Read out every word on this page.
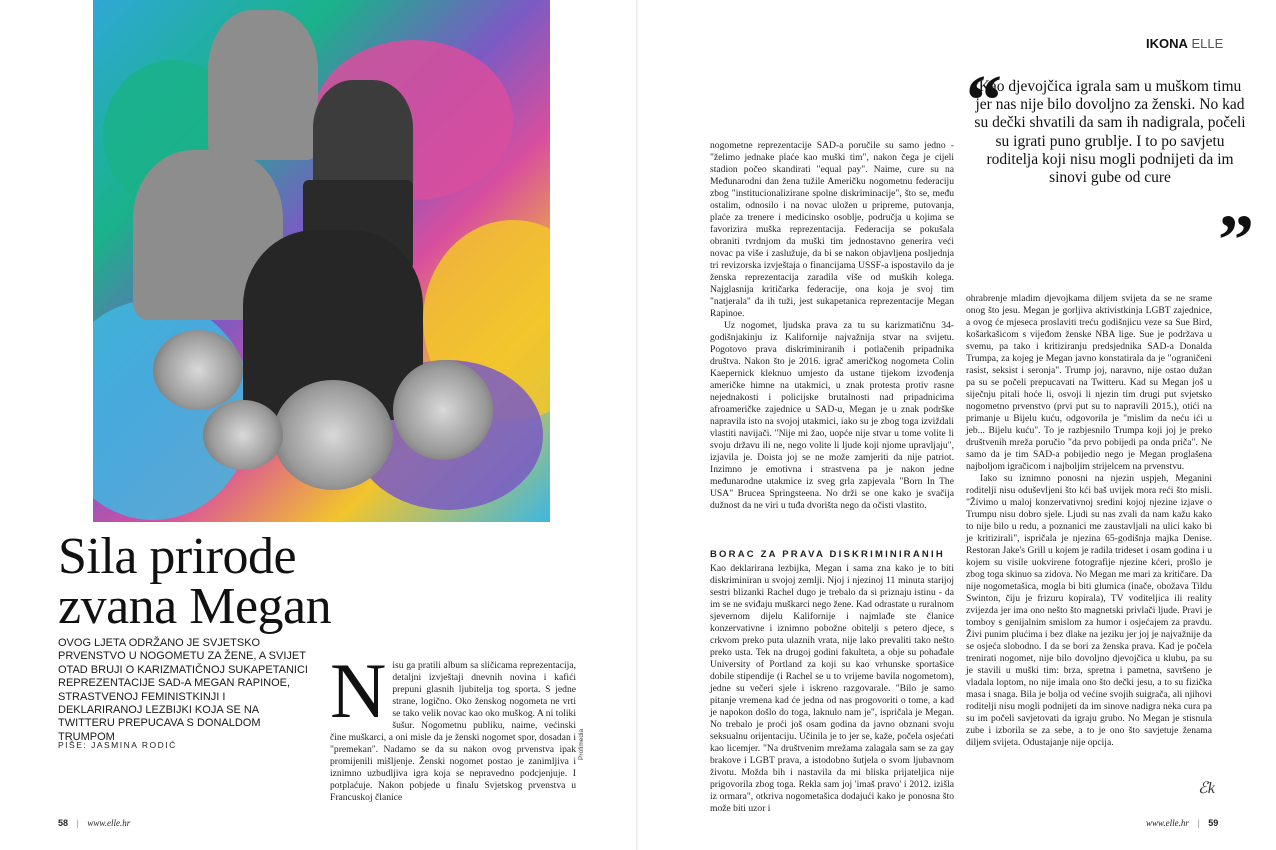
Sila prirode
zvana Megan

OVOG LJETA ODRŽANO JE SVJETSKO PRVENSTVO U NOGOMETU ZA ŽENE, A SVIJET OTAD BRUJI O KARIZMATIČNOJ SUKAPETANICI REPREZENTACIJE SAD-A MEGAN RAPINOE, STRASTVENOJ FEMINISTKINJI I DEKLARIRANOJ LEZBIJKI KOJA SE NA TWITTERU PREPUCAVA S DONALDOM TRUMPOM

PIŠE: JASMINA RODIĆ

N isu ga pratili album sa sličicama reprezentacija, detaljni izvještaji dnevnih novina i kafići prepuni glasnih ljubitelja tog sporta. S jedne strane, logično. Oko ženskog nogometa ne vrti se tako velik novac kao oko muškog. A ni toliki šušur. Nogometnu publiku, naime, većinski čine muškarci, a oni misle da je ženski nogomet spor, dosadan i "premekan". Nadamo se da su nakon ovog prvenstva ipak promijenili mišljenje. Ženski nogomet postao je zanimljiva i iznimno uzbudljiva igra koja se nepravedno podcjenjuje. I potplaćuje. Nakon pobjede u finalu Svjetskog prvenstva u Francuskoj članice
Profimedia
58 | www.elle.hr
IKONA ELLE
“

Kao djevojčica igrala sam u muškom timu jer nas nije bilo dovoljno za ženski. No kad su dečki shvatili da sam ih nadigrala, počeli su igrati puno grublje. I to po savjetu roditelja koji nisu mogli podnijeti da im sinovi gube od cure

”

nogometne reprezentacije SAD-a poručile su samo jedno - "želimo jednake plaće kao muški tim", nakon čega je cijeli stadion počeo skandirati "equal pay". Naime, cure su na Međunarodni dan žena tužile Američku nogometnu federaciju zbog "institucionalizirane spolne diskriminacije", što se, među ostalim, odnosilo i na novac uložen u pripreme, putovanja, plaće za trenere i medicinsko osoblje, područja u kojima se favorizira muška reprezentacija. Federacija se pokušala obraniti tvrdnjom da muški tim jednostavno generira veći novac pa više i zaslužuje, da bi se nakon objavljena posljednja tri revizorska izvještaja o financijama USSF-a ispostavilo da je ženska reprezentacija zaradila više od muških kolega. Najglasnija kritičarka federacije, ona koja je svoj tim "natjerala" da ih tuži, jest sukapetanica reprezentacije Megan Rapinoe.

Uz nogomet, ljudska prava za tu su karizmatičnu 34-godišnjakinju iz Kalifornije najvažnija stvar na svijetu. Pogotovo prava diskriminiranih i potlačenih pripadnika društva. Nakon što je 2016. igrač američkog nogometa Colin Kaepernick kleknuo umjesto da ustane tijekom izvođenja američke himne na utakmici, u znak protesta protiv rasne nejednakosti i policijske brutalnosti nad pripadnicima afroameričke zajednice u SAD-u, Megan je u znak podrške napravila isto na svojoj utakmici, iako su je zbog toga izviždali vlastiti navijači. "Nije mi žao, uopće nije stvar u tome volite li svoju državu ili ne, nego volite li ljude koji njome upravljaju", izjavila je. Doista joj se ne može zamjeriti da nije patriot. Inzimno je emotivna i strastvena pa je nakon jedne međunarodne utakmice iz sveg grla zapjevala "Born In The USA" Brucea Springsteena. No drži se one kako je svačija dužnost da ne viri u tuđa dvorišta nego da očisti vlastito.

BORAC ZA PRAVA DISKRIMINIRANIH

Kao deklarirana lezbijka, Megan i sama zna kako je to biti diskriminiran u svojoj zemlji. Njoj i njezinoj 11 minuta starijoj sestri blizanki Rachel dugo je trebalo da si priznaju istinu - da im se ne sviđaju muškarci nego žene. Kad odrastate u ruralnom sjevernom dijelu Kalifornije i najmlađe ste članice konzervativne i iznimno pobožne obitelji s petero djece, s crkvom preko puta ulaznih vrata, nije lako prevaliti tako nešto preko usta. Tek na drugoj godini fakulteta, a obje su pohađale University of Portland za koji su kao vrhunske sportašice dobile stipendije (i Rachel se u to vrijeme bavila nogometom), jedne su večeri sjele i iskreno razgovarale. "Bilo je samo pitanje vremena kad će jedna od nas progovoriti o tome, a kad je napokon došlo do toga, laknulo nam je", ispričala je Megan. No trebalo je proći još osam godina da javno obznani svoju seksualnu orijentaciju. Učinila je to jer se, kaže, počela osjećati kao licemjer. "Na društvenim mrežama zalagala sam se za gay brakove i LGBT prava, a istodobno šutjela o svom ljubavnom životu. Možda bih i nastavila da mi bliska prijateljica nije prigovorila zbog toga. Rekla sam joj 'imaš pravo' i 2012. izišla iz ormara", otkriva nogometašica dodajući kako je ponosna što može biti uzor i

ohrabrenje mladim djevojkama diljem svijeta da se ne srame onog što jesu. Megan je gorljiva aktivistkinja LGBT zajednice, a ovog će mjeseca proslaviti treću godišnjicu veze sa Sue Bird, košarkašicom s vijeđom ženske NBA lige. Sue je podržava u svemu, pa tako i kritiziranju predsjednika SAD-a Donalda Trumpa, za kojeg je Megan javno konstatirala da je "ograničeni rasist, seksist i seronja". Trump joj, naravno, nije ostao dužan pa su se počeli prepucavati na Twitteru. Kad su Megan još u siječnju pitali hoće li, osvoji li njezin tim drugi put svjetsko nogometno prvenstvo (prvi put su to napravili 2015.), otići na primanje u Bijelu kuću, odgovorila je "mislim da neću ići u jeb... Bijelu kuću". To je razbjesnilo Trumpa koji joj je preko društvenih mreža poručio "da prvo pobijedi pa onda priča". Ne samo da je tim SAD-a pobijedio nego je Megan proglašena najboljom igračicom i najboljim strijelcem na prvenstvu.

Iako su iznimno ponosni na njezin uspjeh, Meganini roditelji nisu oduševljeni što kći baš uvijek mora reći što misli. "Živimo u maloj konzervativnoj sredini kojoj njezine izjave o Trumpu nisu dobro sjele. Ljudi su nas zvali da nam kažu kako to nije bilo u redu, a poznanici me zaustavljali na ulici kako bi je kritizirali", ispričala je njezina 65-godišnja majka Denise. Restoran Jake's Grill u kojem je radila trideset i osam godina i u kojem su visile uokvirene fotografije njezine kćeri, prošlo je zbog toga skinuo sa zidova. No Megan me mari za kritičare. Da nije nogometašica, mogla bi biti glumica (inače, obožava Tildu Swinton, čiju je frizuru kopirala), TV voditeljica ili reality zvijezda jer ima ono nešto što magnetski privlači ljude. Pravi je tomboy s genijalnim smislom za humor i osjećajem za pravdu. Živi punim plućima i bez dlake na jeziku jer joj je najvažnije da se osjeća slobodno. I da se bori za ženska prava. Kad je počela trenirati nogomet, nije bilo dovoljno djevojčica u klubu, pa su je stavili u muški tim: brza, spretna i pametna, savršeno je vladala loptom, no nije imala ono što dečki jesu, a to su fizička masa i snaga. Bila je bolja od većine svojih suigrača, ali njihovi roditelji nisu mogli podnijeti da im sinove nadigra neka cura pa su im počeli savjetovati da igraju grubo. No Megan je stisnula zube i izborila se za sebe, a to je ono što savjetuje ženama diljem svijeta. Odustajanje nije opcija.

ℰk
www.elle.hr | 59
